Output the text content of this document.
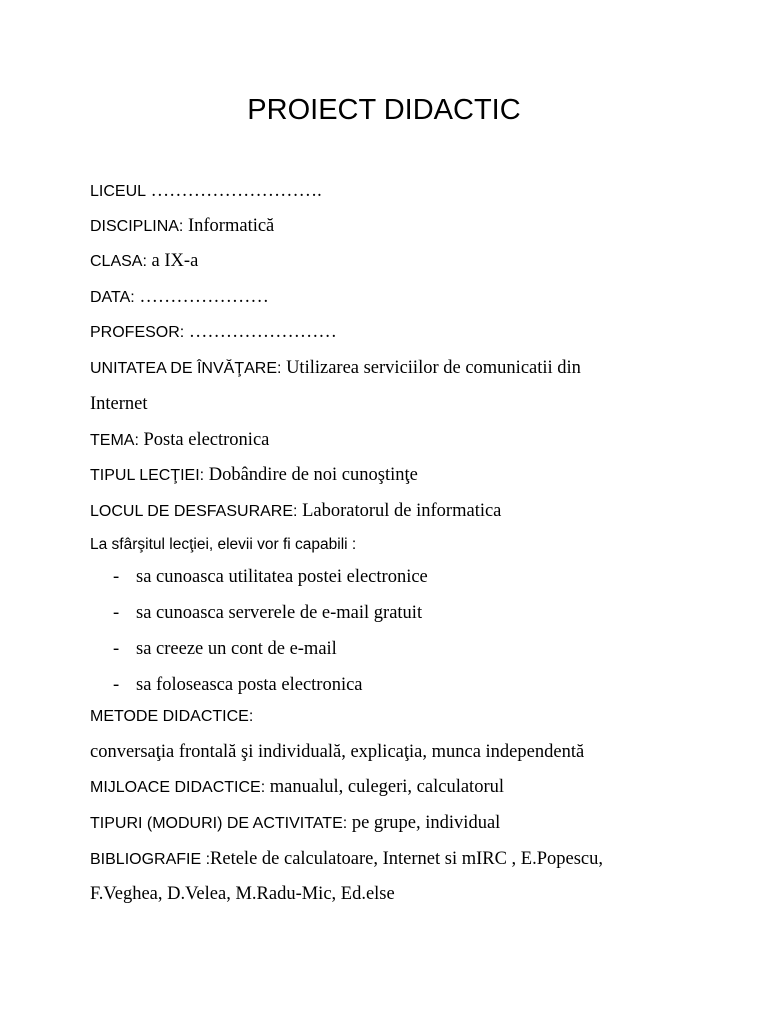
PROIECT DIDACTIC
LICEUL ……………………….
DISCIPLINA: Informatică
CLASA: a IX-a
DATA: …………………
PROFESOR: ……………………
UNITATEA DE ÎNVĂŢARE: Utilizarea serviciilor de comunicatii din
Internet
TEMA: Posta electronica
TIPUL LECŢIEI: Dobândire de noi cunoştinţe
LOCUL DE DESFASURARE: Laboratorul de informatica
La sfârşitul lecţiei, elevii vor fi capabili :
- sa cunoasca utilitatea postei electronice
- sa cunoasca serverele de e-mail gratuit
- sa creeze un cont de e-mail
- sa foloseasca posta electronica
METODE DIDACTICE:
conversaţia frontală şi individuală, explicaţia, munca independentă
MIJLOACE DIDACTICE: manualul, culegeri, calculatorul
TIPURI (MODURI) DE ACTIVITATE: pe grupe, individual
BIBLIOGRAFIE :Retele de calculatoare, Internet si mIRC , E.Popescu,
F.Veghea, D.Velea, M.Radu-Mic, Ed.else
